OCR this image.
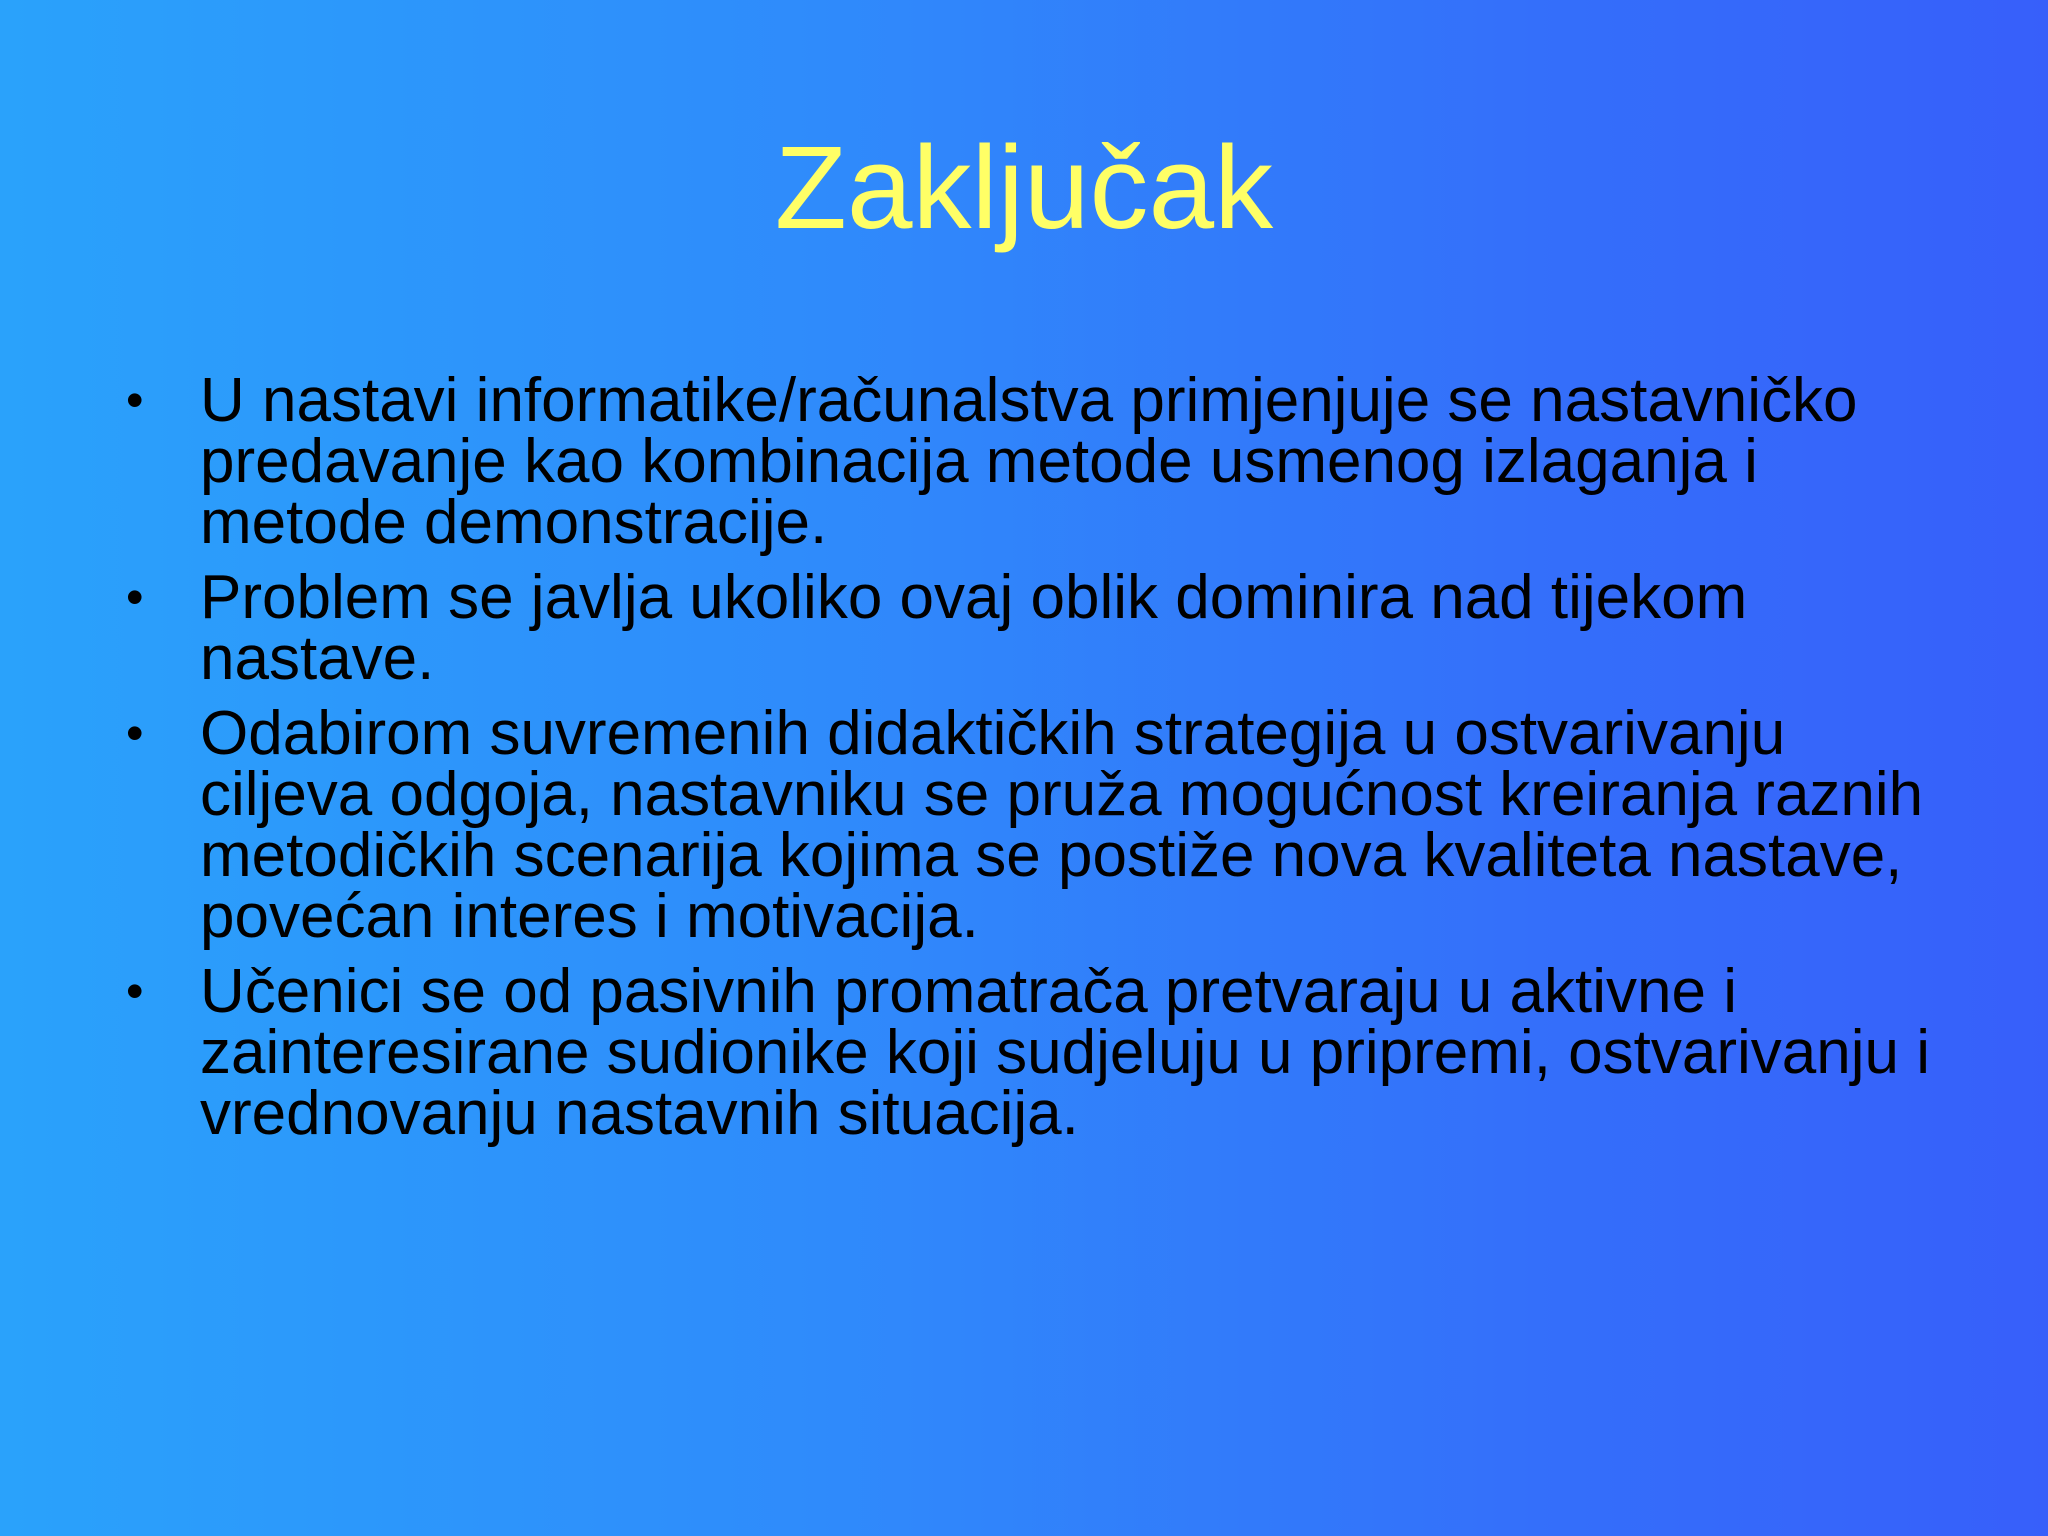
Zaključak
• U nastavi informatike/računalstva primjenjuje se nastavničko predavanje kao kombinacija metode usmenog izlaganja i metode demonstracije.
• Problem se javlja ukoliko ovaj oblik dominira nad tijekom nastave.
• Odabirom suvremenih didaktičkih strategija u ostvarivanju ciljeva odgoja, nastavniku se pruža mogućnost kreiranja raznih metodičkih scenarija kojima se postiže nova kvaliteta nastave, povećan interes i motivacija.
• Učenici se od pasivnih promatrača pretvaraju u aktivne i zainteresirane sudionike koji sudjeluju u pripremi, ostvarivanju i vrednovanju nastavnih situacija.
